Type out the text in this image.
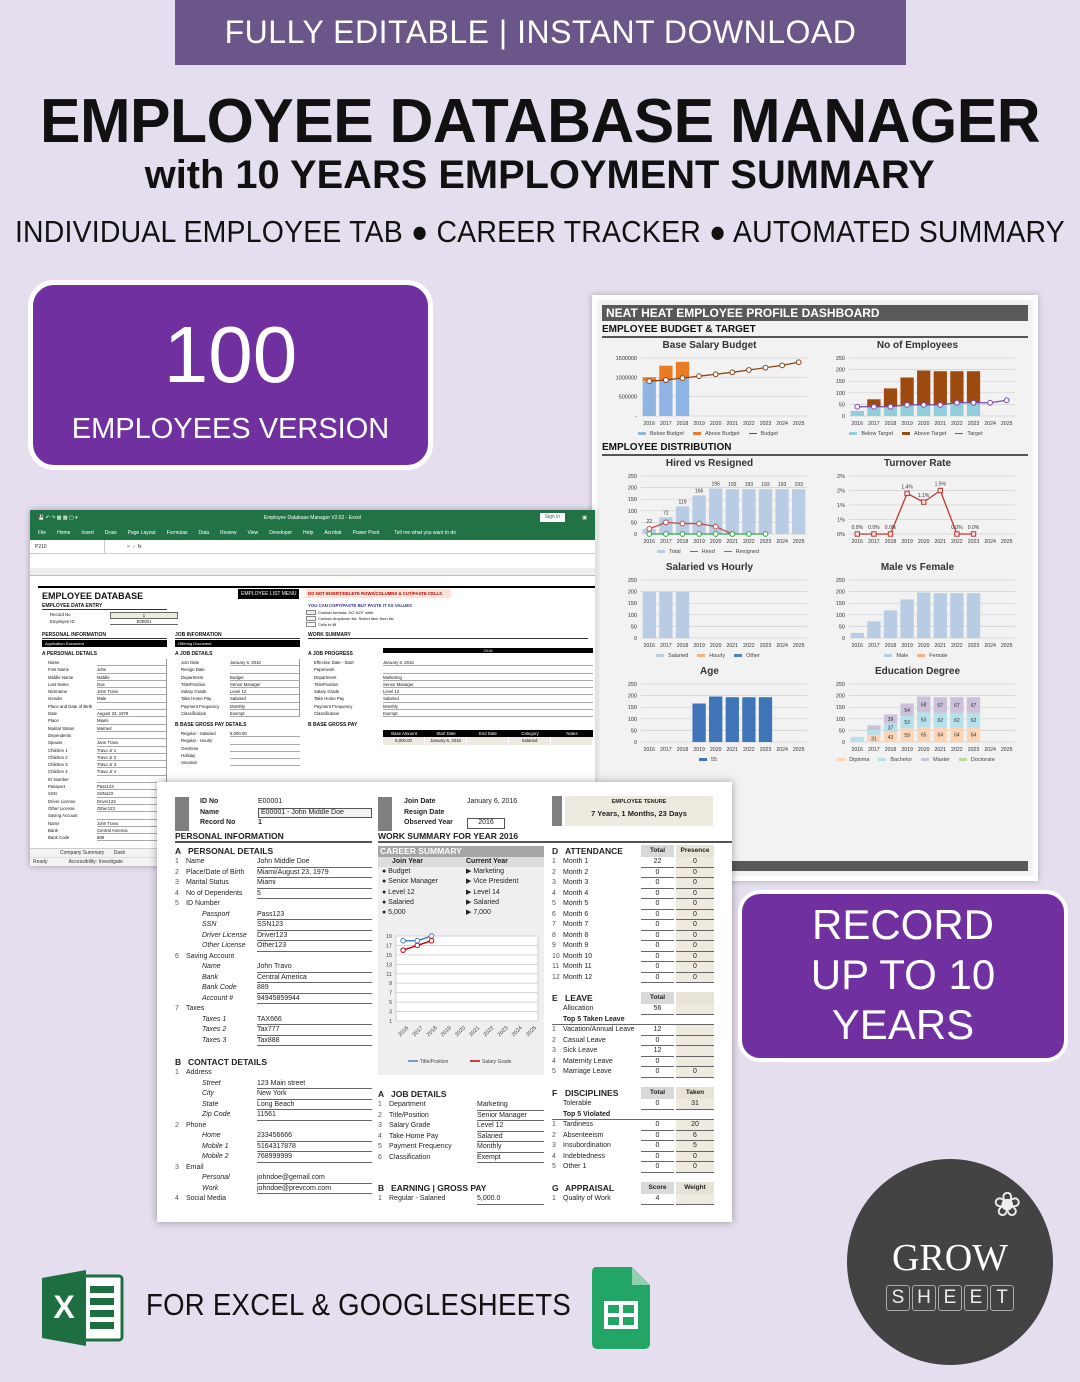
FULLY EDITABLE | INSTANT DOWNLOAD
EMPLOYEE DATABASE MANAGER
with 10 YEARS EMPLOYMENT SUMMARY
INDIVIDUAL EMPLOYEE TAB ● CAREER TRACKER ● AUTOMATED SUMMARY
100
EMPLOYEES VERSION
NEAT HEAT EMPLOYEE PROFILE DASHBOARD
EMPLOYEE BUDGET & TARGET
EMPLOYEE DISTRIBUTION
Base Salary Budget
-
500000
1000000
1500000
2016 2017 2018 2019 2020 2021 2022 2023 2024 2025
Below Budget	Above Budget	Budget
No of Employees
0
50
100
150
200
250
2016 2017 2018 2019 2020 2021 2022 2023 2024 2025
Below Target	Above Target	Target
Hired vs Resigned
0
50
100
150
200
250
2016 2017 2018 2019 2020 2021 2022 2023 2024 2025
22
72
119
166
196 193 193 193 193 193
Total	Hired	Resigned
Turnover Rate
0%
1%
1%
2%
2%
2016 2017 2018 2019 2020 2021 2022 2023 2024 2025
0.0% 0.0% 0.0%
1.4%
1.1%
1.5%
0.0% 0.0%
Salaried vs Hourly
0
50
100
150
200
250
2016 2017 2018 2019 2020 2021 2022 2023 2024 2025
Salaried	Hourly	Other
Male vs Female
0
50
100
150
200
250
2016 2017 2018 2019 2020 2021 2022 2023 2024 2025
Male	Female
Age
0
50
100
150
200
250
2016 2017 2018 2019 2020 2021 2022 2023 2024 2025
55
Education Degree
0
50
100
150
200
250
2016 2017 2018 2019 2020 2021 2022 2023 2024 2025
31 43 59 65 64 64 64
37
53 63 62 62 62
39
54
68 67 67 67
Diploma	Bachelor	Master	Doctorate
💾 ↶ ↷ ▩ ▩ ▢ ▾	Employee Database Manager V2.62 - Excel	Sign in	▣
File Home Insert Draw Page Layout Formulas Data Review View Developer Help Acrobat Power Pivot	Tell me what you want to do
P210	✕ ✓ fx
EMPLOYEE DATABASE
EMPLOYEE DATA ENTRY
Record No	1
Employee ID	E00001
EMPLOYEE LIST MENU	DO NOT INSERT/DELETE ROWS/COLUMNS & CUT/PASTE CELLS
YOU CAN COPY/PASTE BUT PASTE IT AS VALUES
Contain formula. DO NOT write
Contain dropdown list. Select item from list
Cells to fill
PERSONAL INFORMATION	JOB INFORMATION	WORK SUMMARY
Application Document	Offering Document
A PERSONAL DETAILS	A JOB DETAILS	A JOB PROGRESS
2016
Name
First Name	John
Middle Name	Middle
Last Name	Doe
Nickname	John Travo
Gender	Male
Place and Date of Birth
Date	August 23, 1979
Place	Miami
Marital Status	Married
Dependents
Spouse	Jane Travo
Children 1	Travo Jr 1
Children 2	Travo Jr 2
Children 3	Travo Jr 3
Children 4	Travo Jr 4
ID Number
Passport	Pass123
SSN	SSN123
Driver License	Driver123
Other License	Other123
Saving Account
Name	John Travo
Bank	Central America
Bank Code	889
Join Date	January 6, 2016
Resign Date
Department	Budget
Title/Position	Senior Manager
Salary Grade	Level 12
Take Home Pay	Salaried
Payment Frequency	Monthly
Classification	Exempt
B BASE GROSS PAY DETAILS
Regular - Salaried	5,000.00
Regular - Hourly
Overtime
Holiday
Vacation
Effective Date - Start	January 6, 2016
Paperwork
Department	Marketing
Title/Position	Senior Manager
Salary Grade	Level 12
Take Home Pay	Salaried
Payment Frequency	Monthly
Classification	Exempt
B BASE GROSS PAY
Base Amount	Start Date	End Date	Category	Notes
5,000.00	January 6, 2016	Salaried
Company Summary Dash
Ready	Accessibility: Investigate
ID No	E00001
Name	E00001 - John Middle Doe
Record No	1
PERSONAL INFORMATION
A PERSONAL DETAILS
1	Name	John Middle Doe
2	Place/Date of Birth	Miami/August 23, 1979
3	Marital Status	Miami
4	No of Dependents	5
5	ID Number
Passport	Pass123
SSN	SSN123
Driver License	Driver123
Other License	Other123
6	Saving Account
Name	John Travo
Bank	Central America
Bank Code	889
Account #	94945859944
7	Taxes
Taxes 1	TAX666
Taxes 2	Tax777
Taxes 3	Tax888
B CONTACT DETAILS
1	Address
Street	123 Main street
City	New York
State	Long Beach
Zip Code	11561
2	Phone
Home	233456666
Mobile 1	5164317878
Mobile 2	768999999
3	Email
Personal	johndoe@gemail.com
Work	johndoe@prevcom.com
4	Social Media
Join Date	January 6, 2016
Resign Date
Observed Year	2016
WORK SUMMARY FOR YEAR 2016
CAREER SUMMARY
Join Year	Current Year
● Budget	▶ Marketing
● Senior Manager	▶ Vice President
● Level 12	▶ Level 14
● Salaried	▶ Salaried
● 5,000	▶ 7,000
19
17
15
13
11
9
7
5
3
1
2016 2017 2018 2019 2020 2021 2022 2023 2024 2025
Title/Position	Salary Grade
A JOB DETAILS
1	Department	Marketing
2	Title/Position	Senior Manager
3	Salary Grade	Level 12
4	Take Home Pay	Salaried
5	Payment Frequency	Monthly
6	Classification	Exempt
B EARNING | GROSS PAY
1	Regular - Salaried	5,000.0
EMPLOYEE TENURE
7 Years, 1 Months, 23 Days
D ATTENDANCE	Total	Presence
1	Month 1	22	0
2	Month 2	0	0
3	Month 3	0	0
4	Month 4	0	0
5	Month 5	0	0
6	Month 6	0	0
7	Month 7	0	0
8	Month 8	0	0
9	Month 9	0	0
10 Month 10	0	0
11 Month 11	0	0
12 Month 12	0	0
E LEAVE	Total
Allocation	56
Top 5 Taken Leave
1	Vacation/Annual Leave	12
2	Casual Leave	0
3	Sick Leave	12
4	Maternity Leave	0
5	Marriage Leave	0	0
F DISCIPLINES	Total	Taken
Tolerable	0	31
Top 5 Violated
1	Tardiness	0	20
2	Absenteeism	0	6
3	Insubordination	0	5
4	Indebtedness	0	0
5	Other 1	0	0
G APPRAISAL	Score	Weight
1	Quality of Work	4
RECORD
UP TO 10 YEARS
X FOR EXCEL & GOOGLESHEETS
❀
GROW
S H E E T
